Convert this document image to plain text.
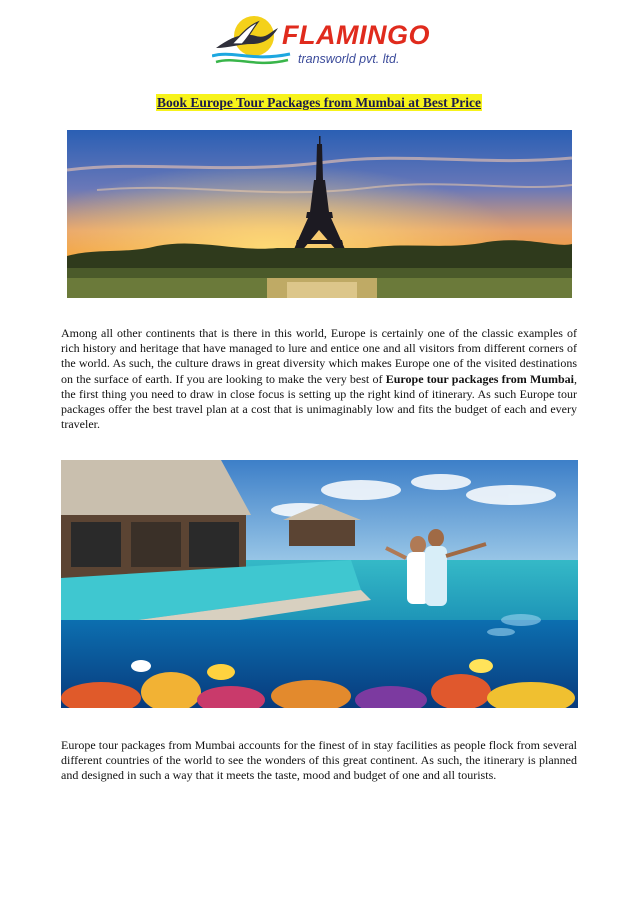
FLAMINGO
transworld pvt. ltd.
Book Europe Tour Packages from Mumbai at Best Price

Among all other continents that is there in this world, Europe is certainly one of the classic examples of rich history and heritage that have managed to lure and entice one and all visitors from different corners of the world. As such, the culture draws in great diversity which makes Europe one of the visited destinations on the surface of earth. If you are looking to make the very best of Europe tour packages from Mumbai, the first thing you need to draw in close focus is setting up the right kind of itinerary. As such Europe tour packages offer the best travel plan at a cost that is unimaginably low and fits the budget of each and every traveler.

Europe tour packages from Mumbai accounts for the finest of in stay facilities as people flock from several different countries of the world to see the wonders of this great continent. As such, the itinerary is planned and designed in such a way that it meets the taste, mood and budget of one and all tourists.
